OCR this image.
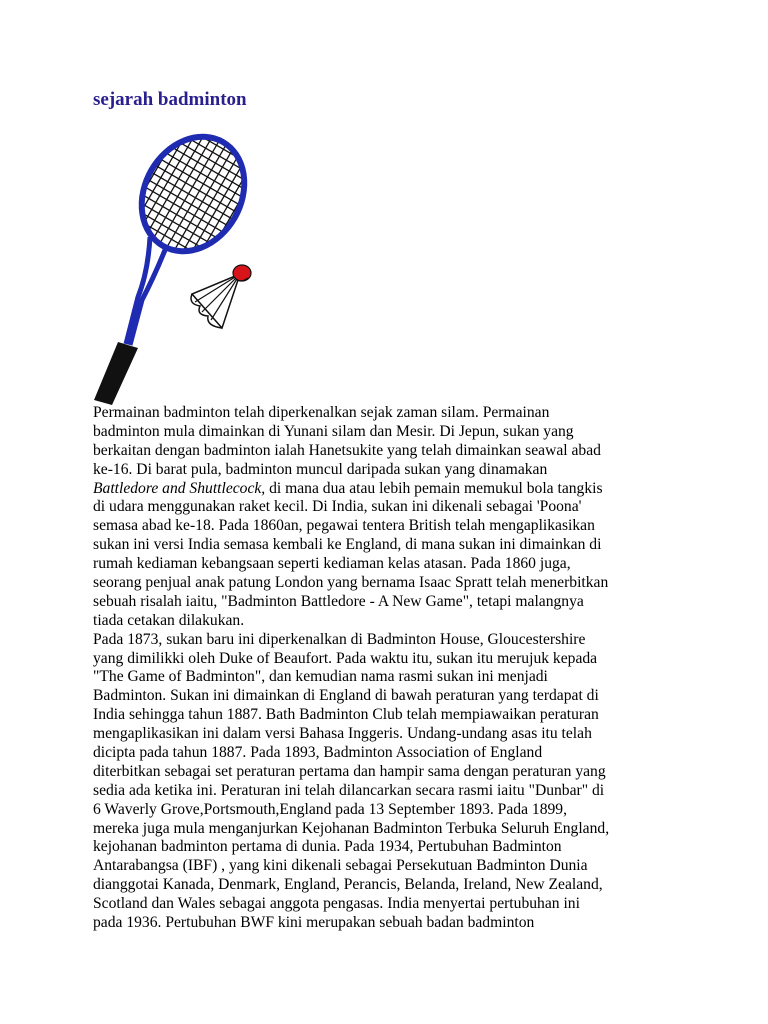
sejarah badminton
Permainan badminton telah diperkenalkan sejak zaman silam. Permainan
badminton mula dimainkan di Yunani silam dan Mesir. Di Jepun, sukan yang
berkaitan dengan badminton ialah Hanetsukite yang telah dimainkan seawal abad
ke-16. Di barat pula, badminton muncul daripada sukan yang dinamakan
Battledore and Shuttlecock, di mana dua atau lebih pemain memukul bola tangkis
di udara menggunakan raket kecil. Di India, sukan ini dikenali sebagai 'Poona'
semasa abad ke-18. Pada 1860an, pegawai tentera British telah mengaplikasikan
sukan ini versi India semasa kembali ke England, di mana sukan ini dimainkan di
rumah kediaman kebangsaan seperti kediaman kelas atasan. Pada 1860 juga,
seorang penjual anak patung London yang bernama Isaac Spratt telah menerbitkan
sebuah risalah iaitu, "Badminton Battledore - A New Game", tetapi malangnya
tiada cetakan dilakukan.
Pada 1873, sukan baru ini diperkenalkan di Badminton House, Gloucestershire
yang dimilikki oleh Duke of Beaufort. Pada waktu itu, sukan itu merujuk kepada
"The Game of Badminton", dan kemudian nama rasmi sukan ini menjadi
Badminton. Sukan ini dimainkan di England di bawah peraturan yang terdapat di
India sehingga tahun 1887. Bath Badminton Club telah mempiawaikan peraturan
mengaplikasikan ini dalam versi Bahasa Inggeris. Undang-undang asas itu telah
dicipta pada tahun 1887. Pada 1893, Badminton Association of England
diterbitkan sebagai set peraturan pertama dan hampir sama dengan peraturan yang
sedia ada ketika ini. Peraturan ini telah dilancarkan secara rasmi iaitu "Dunbar" di
6 Waverly Grove,Portsmouth,England pada 13 September 1893. Pada 1899,
mereka juga mula menganjurkan Kejohanan Badminton Terbuka Seluruh England,
kejohanan badminton pertama di dunia. Pada 1934, Pertubuhan Badminton
Antarabangsa (IBF) , yang kini dikenali sebagai Persekutuan Badminton Dunia
dianggotai Kanada, Denmark, England, Perancis, Belanda, Ireland, New Zealand,
Scotland dan Wales sebagai anggota pengasas. India menyertai pertubuhan ini
pada 1936. Pertubuhan BWF kini merupakan sebuah badan badminton
